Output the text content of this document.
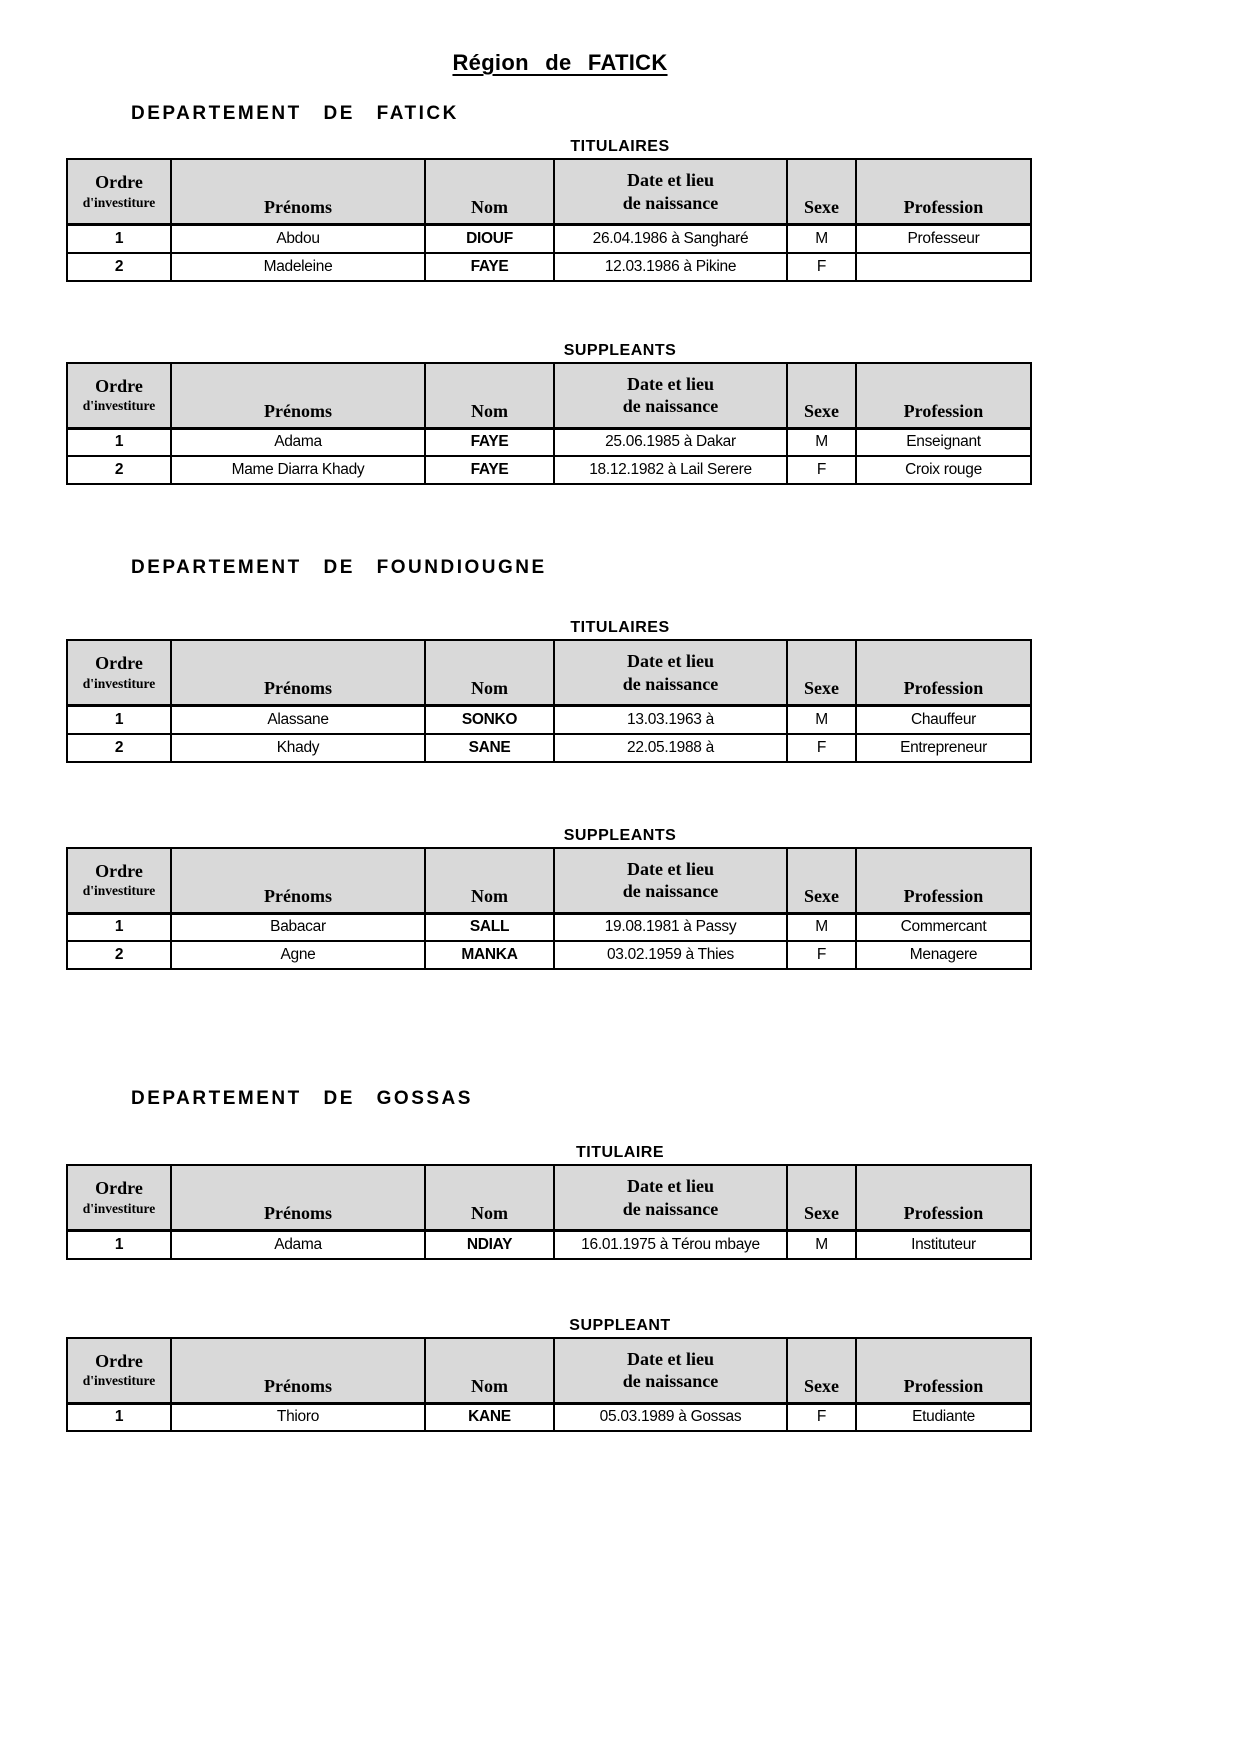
Région de FATICK
DEPARTEMENT DE FATICK
TITULAIRES
Ordre
d'investiture	Prénoms	Nom	
Date et lieu
de naissance	Sexe	Profession
1	Abdou	DIOUF	26.04.1986 à Sangharé	M	Professeur
2	Madeleine	FAYE	12.03.1986 à Pikine	F	
SUPPLEANTS
Ordre
d'investiture	Prénoms	Nom	
Date et lieu
de naissance	Sexe	Profession
1	Adama	FAYE	25.06.1985 à Dakar	M	Enseignant
2	Mame Diarra Khady	FAYE	18.12.1982 à Lail Serere	F	Croix rouge
DEPARTEMENT DE FOUNDIOUGNE
TITULAIRES
Ordre
d'investiture	Prénoms	Nom	
Date et lieu
de naissance	Sexe	Profession
1	Alassane	SONKO	13.03.1963 à	M	Chauffeur
2	Khady	SANE	22.05.1988 à	F	Entrepreneur
SUPPLEANTS
Ordre
d'investiture	Prénoms	Nom	
Date et lieu
de naissance	Sexe	Profession
1	Babacar	SALL	19.08.1981 à Passy	M	Commercant
2	Agne	MANKA	03.02.1959 à Thies	F	Menagere
DEPARTEMENT DE GOSSAS
TITULAIRE
Ordre
d'investiture	Prénoms	Nom	
Date et lieu
de naissance	Sexe	Profession
1	Adama	NDIAY	16.01.1975 à Térou mbaye	M	Instituteur
SUPPLEANT
Ordre
d'investiture	Prénoms	Nom	
Date et lieu
de naissance	Sexe	Profession
1	Thioro	KANE	05.03.1989 à Gossas	F	Etudiante
